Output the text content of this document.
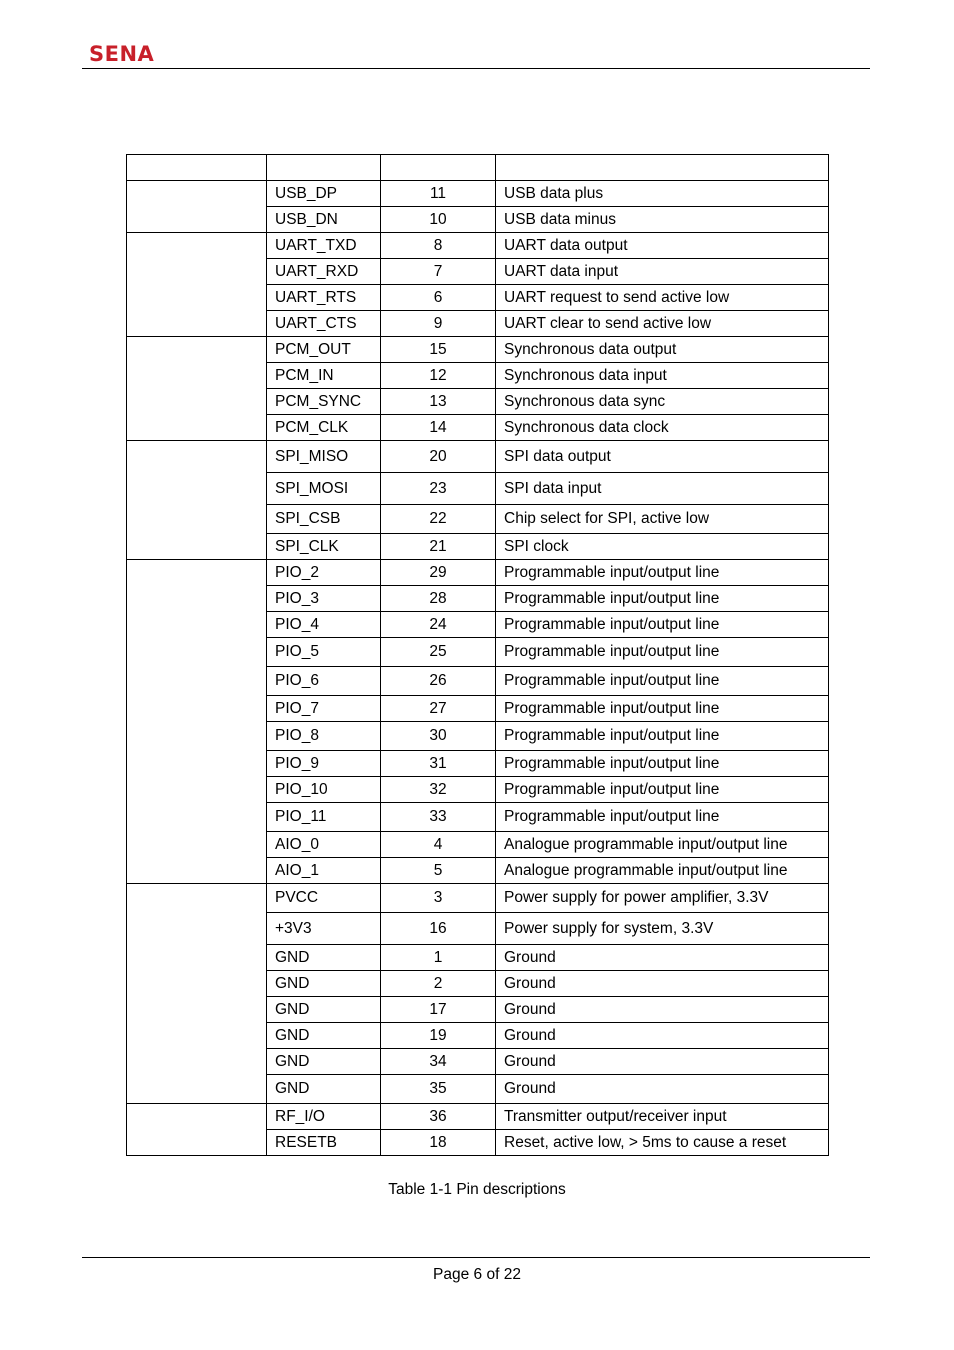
SENA

	USB_DP	11	USB data plus
	USB_DN	10	USB data minus
	UART_TXD	8	UART data output
	UART_RXD	7	UART data input
	UART_RTS	6	UART request to send active low
	UART_CTS	9	UART clear to send active low
	PCM_OUT	15	Synchronous data output
	PCM_IN	12	Synchronous data input
	PCM_SYNC	13	Synchronous data sync
	PCM_CLK	14	Synchronous data clock
	SPI_MISO	20	SPI data output
	SPI_MOSI	23	SPI data input
	SPI_CSB	22	Chip select for SPI, active low
	SPI_CLK	21	SPI clock
	PIO_2	29	Programmable input/output line
	PIO_3	28	Programmable input/output line
	PIO_4	24	Programmable input/output line
	PIO_5	25	Programmable input/output line
	PIO_6	26	Programmable input/output line
	PIO_7	27	Programmable input/output line
	PIO_8	30	Programmable input/output line
	PIO_9	31	Programmable input/output line
	PIO_10	32	Programmable input/output line
	PIO_11	33	Programmable input/output line
	AIO_0	4	Analogue programmable input/output line
	AIO_1	5	Analogue programmable input/output line
	PVCC	3	Power supply for power amplifier, 3.3V
	+3V3	16	Power supply for system, 3.3V
	GND	1	Ground
	GND	2	Ground
	GND	17	Ground
	GND	19	Ground
	GND	34	Ground
	GND	35	Ground
	RF_I/O	36	Transmitter output/receiver input
	RESETB	18	Reset, active low, > 5ms to cause a reset
Table 1-1 Pin descriptions
Page 6 of 22
